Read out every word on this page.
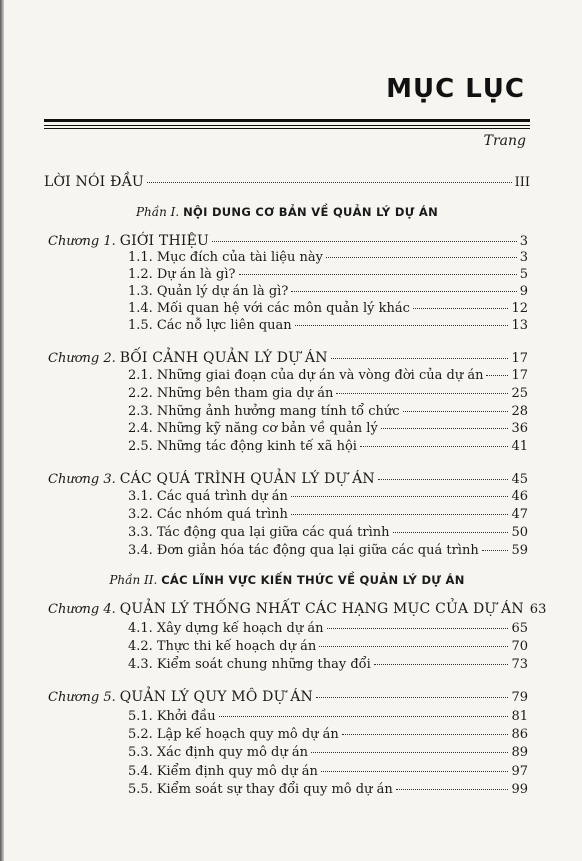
MỤC LỤC
Trang
LỜI NÓI ĐẦU	III
Phần I. NỘI DUNG CƠ BẢN VỀ QUẢN LÝ DỰ ÁN
Chương 1. GIỚI THIỆU	3
1.1. Mục đích của tài liệu này	3
1.2. Dự án là gì?	5
1.3. Quản lý dự án là gì?	9
1.4. Mối quan hệ với các môn quản lý khác	12
1.5. Các nỗ lực liên quan	13
Chương 2. BỐI CẢNH QUẢN LÝ DỰ ÁN	17
2.1. Những giai đoạn của dự án và vòng đời của dự án 17
2.2. Những bên tham gia dự án	25
2.3. Những ảnh hưởng mang tính tổ chức	28
2.4. Những kỹ năng cơ bản về quản lý	36
2.5. Những tác động kinh tế xã hội	41
Chương 3. CÁC QUÁ TRÌNH QUẢN LÝ DỰ ÁN	45
3.1. Các quá trình dự án	46
3.2. Các nhóm quá trình	47
3.3. Tác động qua lại giữa các quá trình	50
3.4. Đơn giản hóa tác động qua lại giữa các quá trình	59
Phần II. CÁC LĨNH VỰC KIẾN THỨC VỀ QUẢN LÝ DỰ ÁN
Chương 4. QUẢN LÝ THỐNG NHẤT CÁC HẠNG MỤC CỦA DỰ ÁN 63
4.1. Xây dựng kế hoạch dự án	65
4.2. Thực thi kế hoạch dự án	70
4.3. Kiểm soát chung những thay đổi	73
Chương 5. QUẢN LÝ QUY MÔ DỰ ÁN	79
5.1. Khởi đầu	81
5.2. Lập kế hoạch quy mô dự án	86
5.3. Xác định quy mô dự án	89
5.4. Kiểm định quy mô dự án	97
5.5. Kiểm soát sự thay đổi quy mô dự án	99
